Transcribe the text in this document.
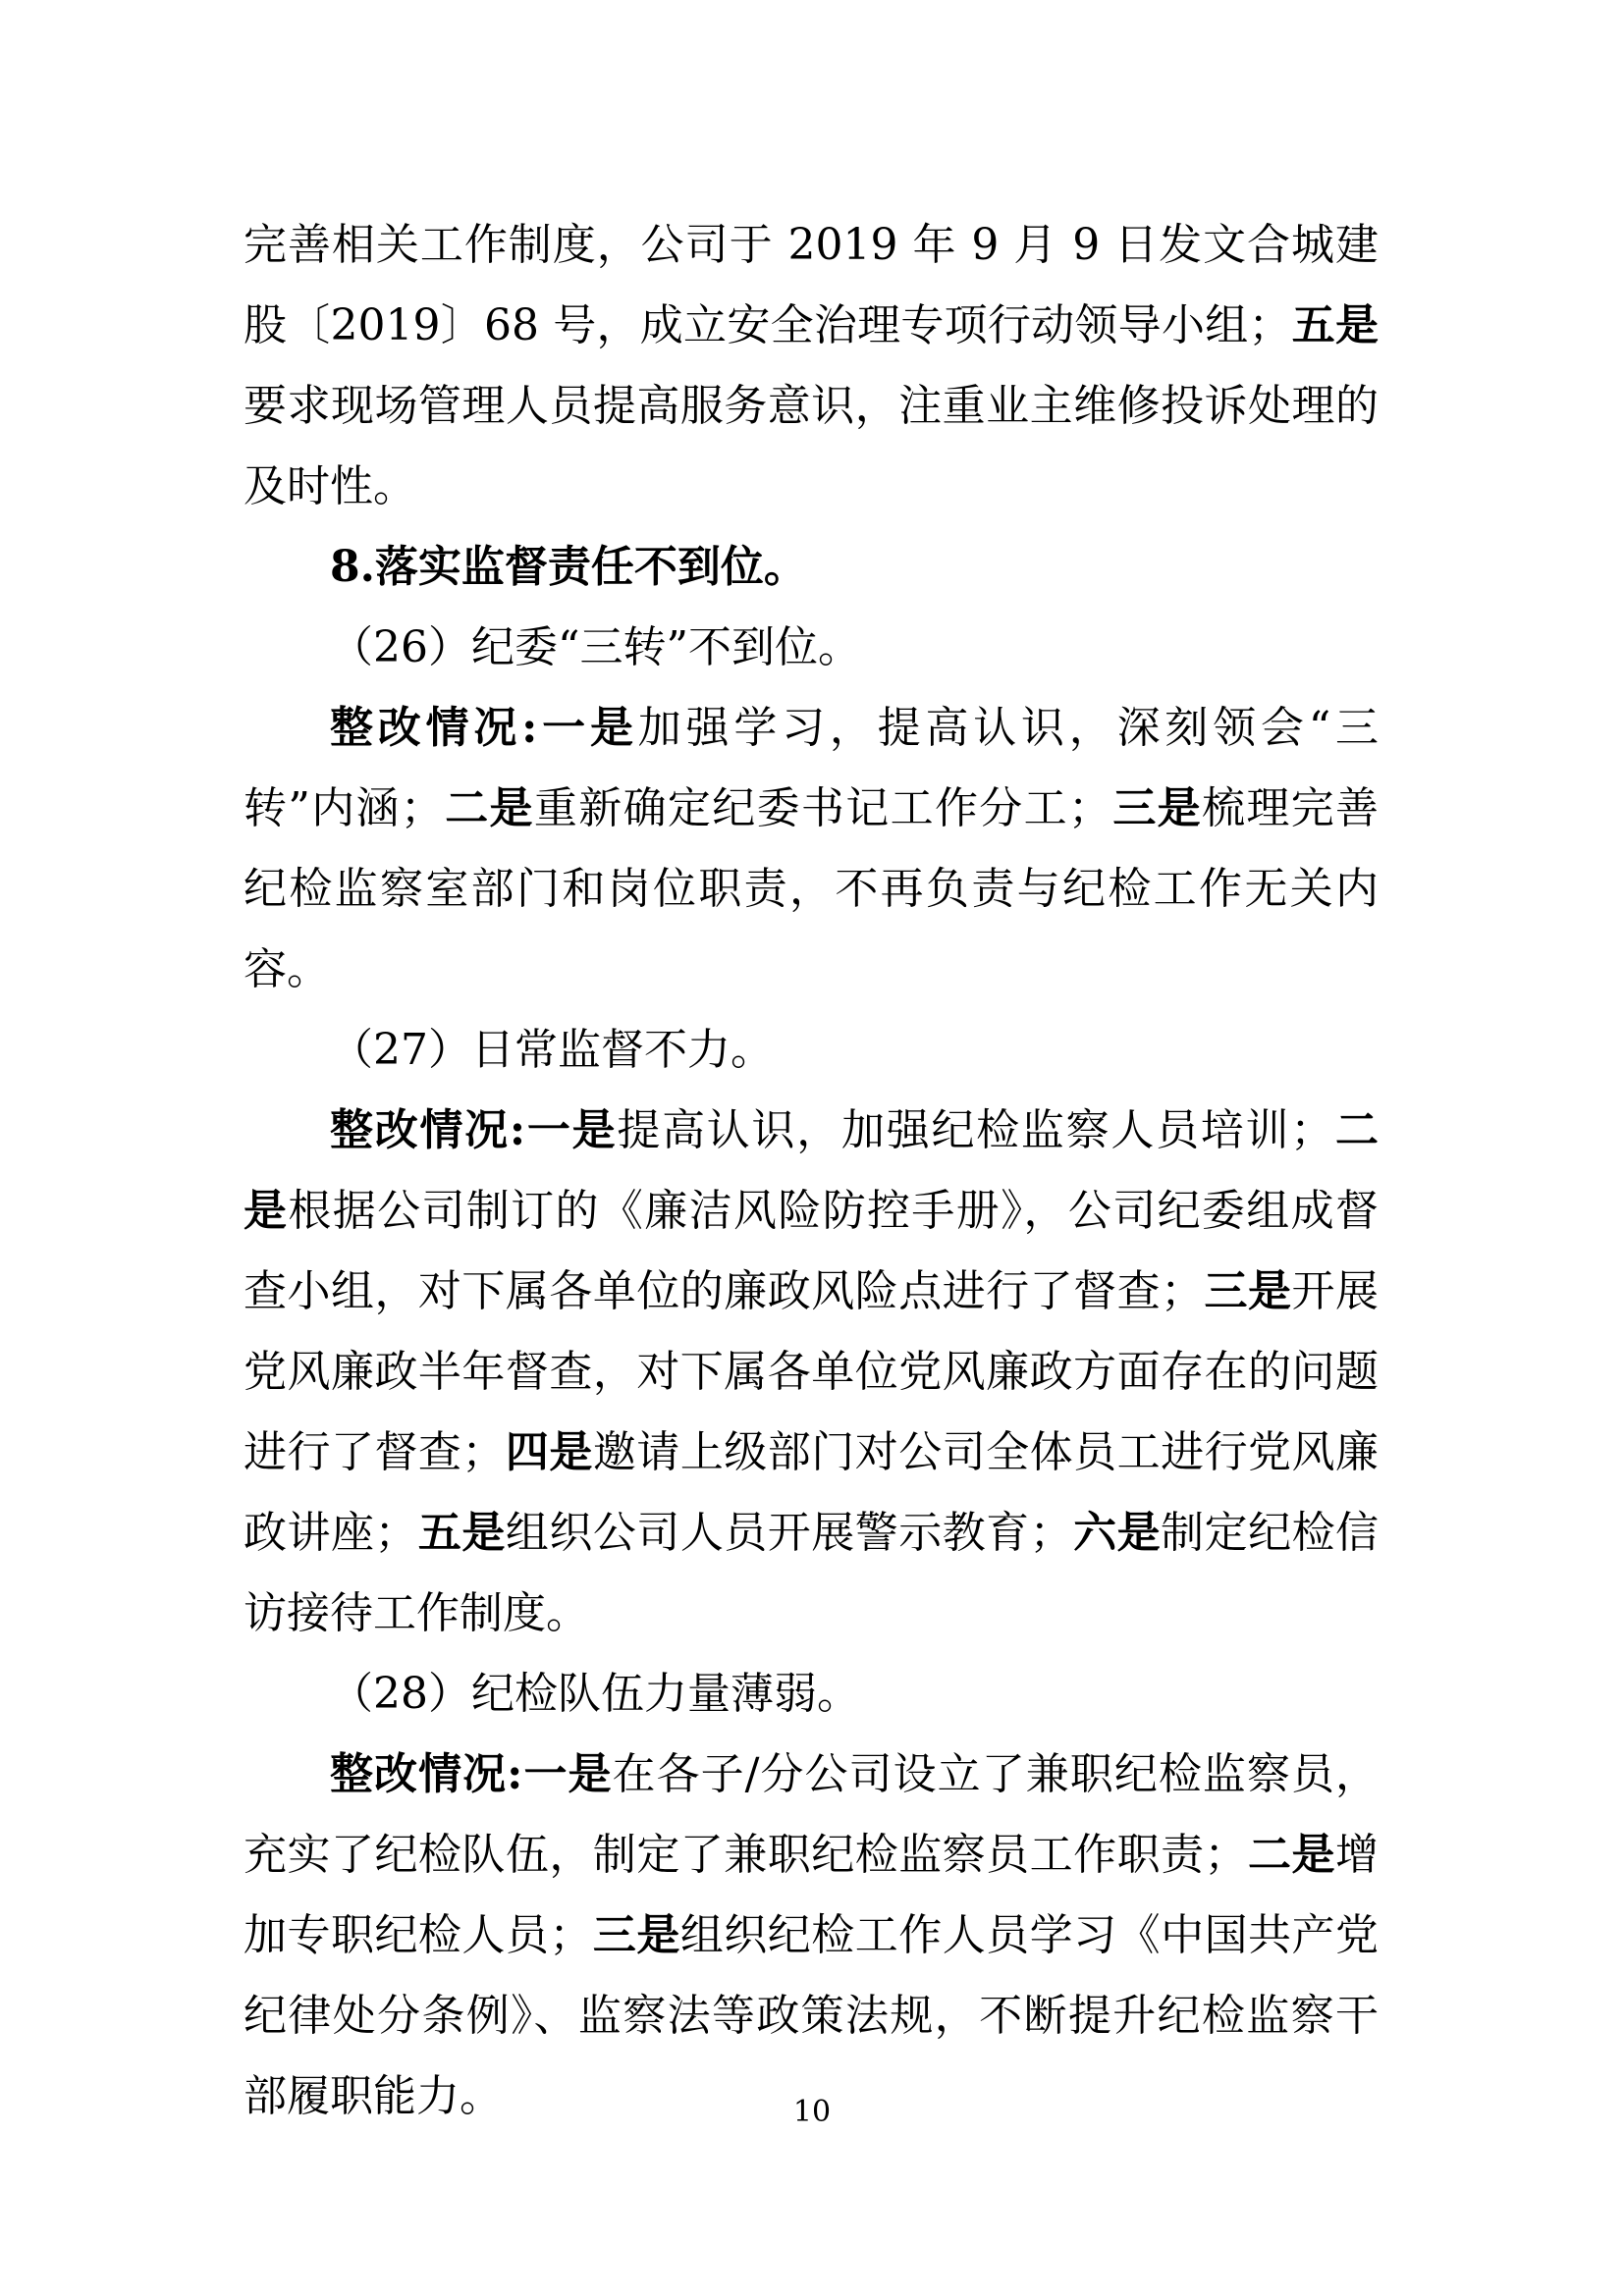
完善相关工作制度，公司于 2019 年 9 月 9 日发文合城建股〔2019〕68 号，成立安全治理专项行动领导小组；五是要求现场管理人员提高服务意识，注重业主维修投诉处理的及时性。

8.落实监督责任不到位。

（26）纪委“三转”不到位。

整改情况:一是加强学习，提高认识，深刻领会“三转”内涵；二是重新确定纪委书记工作分工；三是梳理完善纪检监察室部门和岗位职责，不再负责与纪检工作无关内容。

（27）日常监督不力。

整改情况:一是提高认识，加强纪检监察人员培训；二是根据公司制订的《廉洁风险防控手册》，公司纪委组成督查小组，对下属各单位的廉政风险点进行了督查；三是开展党风廉政半年督查，对下属各单位党风廉政方面存在的问题进行了督查；四是邀请上级部门对公司全体员工进行党风廉政讲座；五是组织公司人员开展警示教育；六是制定纪检信访接待工作制度。

（28）纪检队伍力量薄弱。

整改情况:一是在各子/分公司设立了兼职纪检监察员，充实了纪检队伍，制定了兼职纪检监察员工作职责；二是增加专职纪检人员；三是组织纪检工作人员学习《中国共产党纪律处分条例》、监察法等政策法规，不断提升纪检监察干部履职能力。	10
